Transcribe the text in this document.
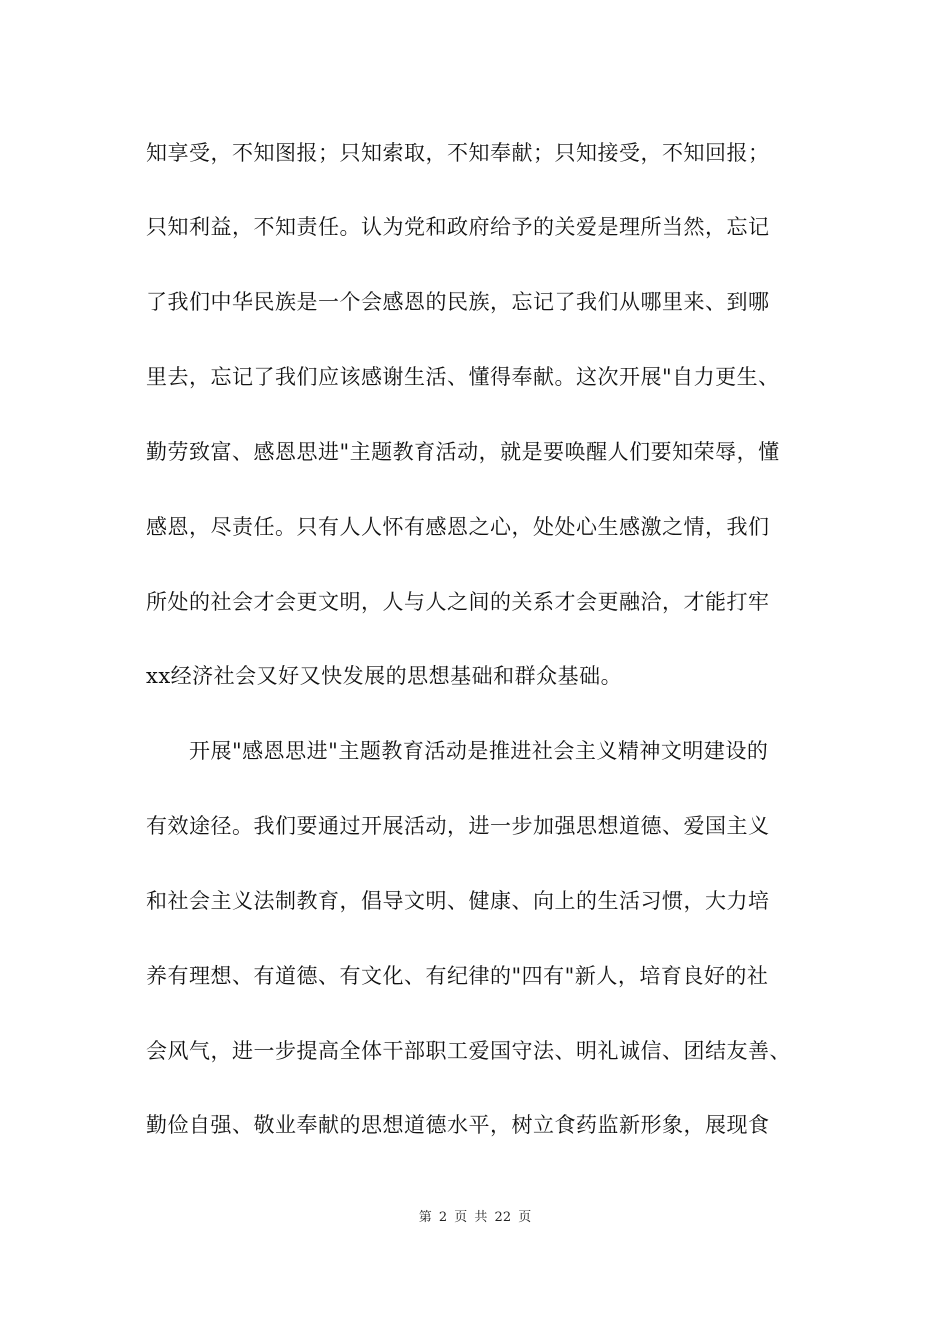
知享受，不知图报；只知索取，不知奉献；只知接受，不知回报；
只知利益，不知责任。认为党和政府给予的关爱是理所当然，忘记
了我们中华民族是一个会感恩的民族，忘记了我们从哪里来、到哪
里去，忘记了我们应该感谢生活、懂得奉献。这次开展"自力更生、
勤劳致富、感恩思进"主题教育活动，就是要唤醒人们要知荣辱，懂
感恩，尽责任。只有人人怀有感恩之心，处处心生感激之情，我们
所处的社会才会更文明，人与人之间的关系才会更融洽，才能打牢
xx经济社会又好又快发展的思想基础和群众基础。
开展"感恩思进"主题教育活动是推进社会主义精神文明建设的
有效途径。我们要通过开展活动，进一步加强思想道德、爱国主义
和社会主义法制教育，倡导文明、健康、向上的生活习惯，大力培
养有理想、有道德、有文化、有纪律的"四有"新人，培育良好的社
会风气，进一步提高全体干部职工爱国守法、明礼诚信、团结友善、
勤俭自强、敬业奉献的思想道德水平，树立食药监新形象，展现食
第 2 页 共 22 页
